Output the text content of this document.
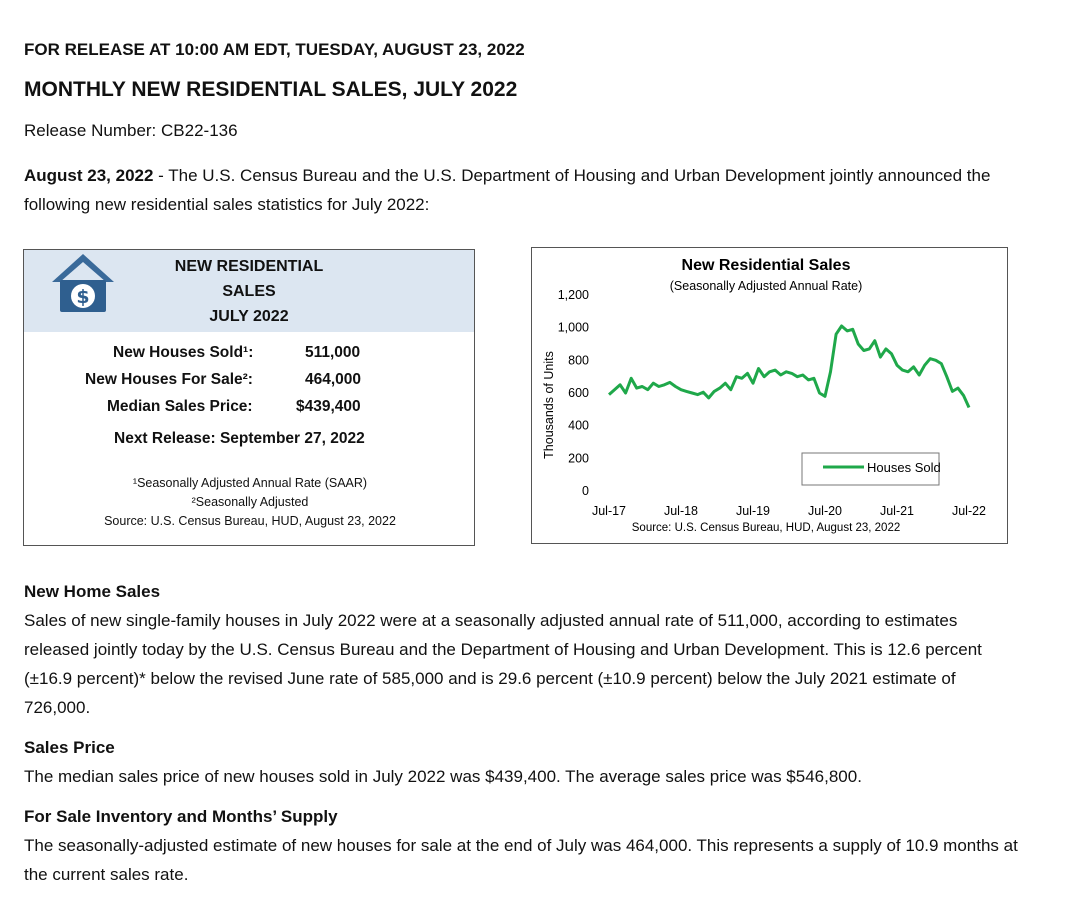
FOR RELEASE AT 10:00 AM EDT, TUESDAY, AUGUST 23, 2022
MONTHLY NEW RESIDENTIAL SALES, JULY 2022
Release Number: CB22-136
August 23, 2022 - The U.S. Census Bureau and the U.S. Department of Housing and Urban Development jointly announced the following new residential sales statistics for July 2022:
$
NEW RESIDENTIAL
SALES
JULY 2022
New Houses Sold¹:	511,000
New Houses For Sale²:	464,000
Median Sales Price:	$439,400
Next Release: September 27, 2022
¹Seasonally Adjusted Annual Rate (SAAR)
²Seasonally Adjusted
Source: U.S. Census Bureau, HUD, August 23, 2022
New Residential Sales
(Seasonally Adjusted Annual Rate)
Thousands of Units
0
200
400
600
800
1,000
1,200
Jul-17	Jul-18	Jul-19	Jul-20	Jul-21	Jul-22
Houses Sold
Source: U.S. Census Bureau, HUD, August 23, 2022
New Home Sales
Sales of new single-family houses in July 2022 were at a seasonally adjusted annual rate of 511,000, according to estimates released jointly today by the U.S. Census Bureau and the Department of Housing and Urban Development. This is 12.6 percent (±16.9 percent)* below the revised June rate of 585,000 and is 29.6 percent (±10.9 percent) below the July 2021 estimate of 726,000.
Sales Price
The median sales price of new houses sold in July 2022 was $439,400. The average sales price was $546,800.
For Sale Inventory and Months’ Supply
The seasonally-adjusted estimate of new houses for sale at the end of July was 464,000. This represents a supply of 10.9 months at the current sales rate.
